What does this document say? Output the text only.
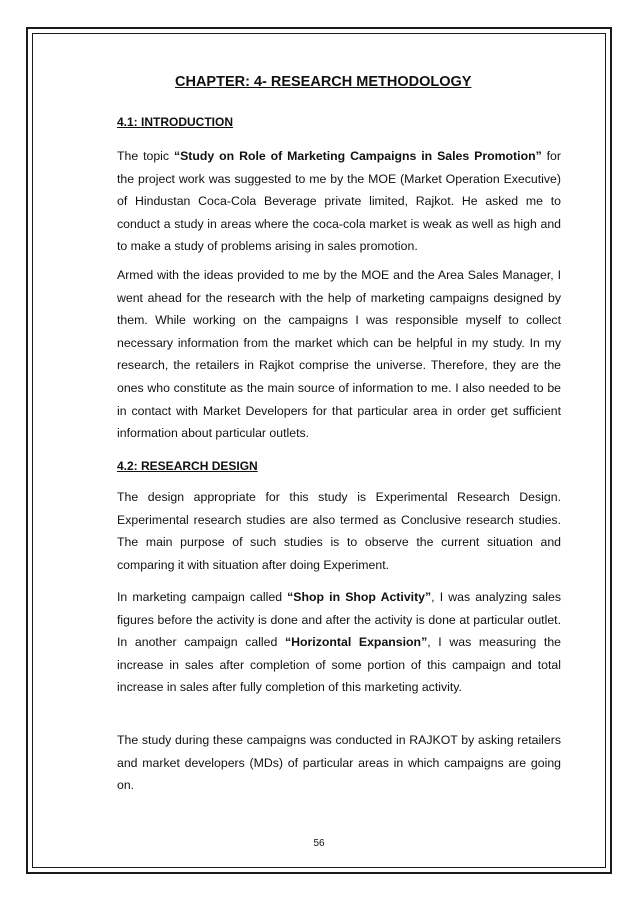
CHAPTER: 4- RESEARCH METHODOLOGY
4.1: INTRODUCTION
The topic “Study on Role of Marketing Campaigns in Sales Promotion” for the project work was suggested to me by the MOE (Market Operation Executive) of Hindustan Coca-Cola Beverage private limited, Rajkot. He asked me to conduct a study in areas where the coca-cola market is weak as well as high and to make a study of problems arising in sales promotion.
Armed with the ideas provided to me by the MOE and the Area Sales Manager, I went ahead for the research with the help of marketing campaigns designed by them. While working on the campaigns I was responsible myself to collect necessary information from the market which can be helpful in my study. In my research, the retailers in Rajkot comprise the universe. Therefore, they are the ones who constitute as the main source of information to me. I also needed to be in contact with Market Developers for that particular area in order get sufficient information about particular outlets.
4.2: RESEARCH DESIGN
The design appropriate for this study is Experimental Research Design. Experimental research studies are also termed as Conclusive research studies. The main purpose of such studies is to observe the current situation and comparing it with situation after doing Experiment.
In marketing campaign called “Shop in Shop Activity”, I was analyzing sales figures before the activity is done and after the activity is done at particular outlet. In another campaign called “Horizontal Expansion”, I was measuring the increase in sales after completion of some portion of this campaign and total increase in sales after fully completion of this marketing activity.
The study during these campaigns was conducted in RAJKOT by asking retailers and market developers (MDs) of particular areas in which campaigns are going on.
56
